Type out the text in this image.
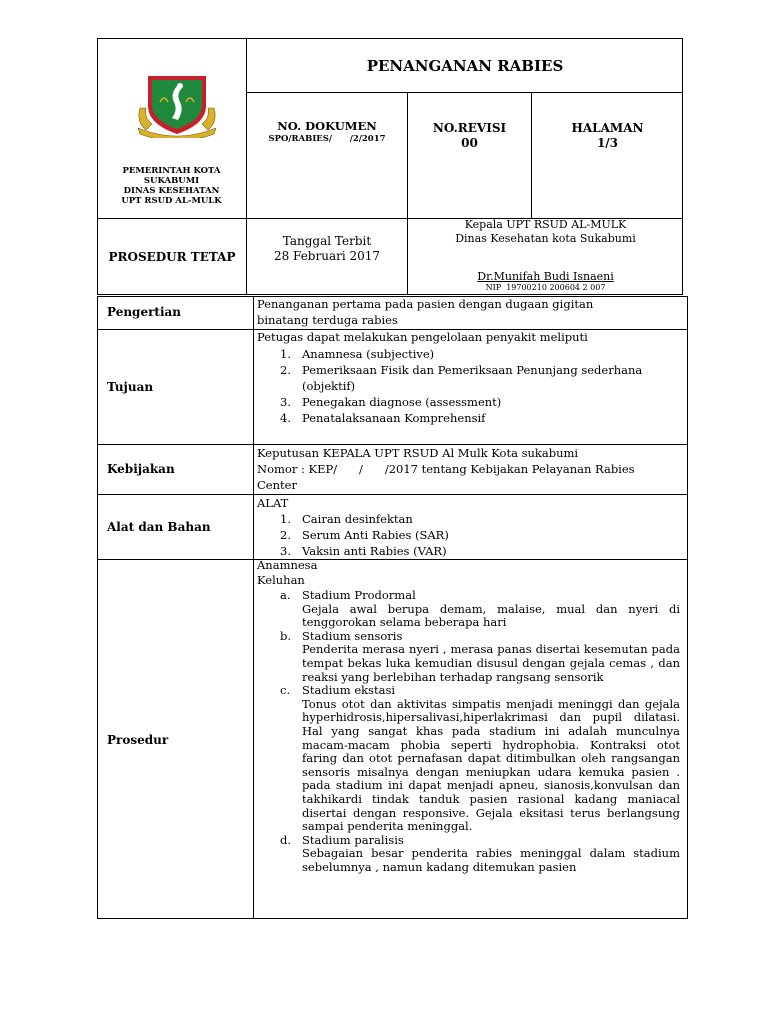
PEMERINTAH KOTA
SUKABUMI
DINAS KESEHATAN
UPT RSUD AL-MULK
PENANGANAN RABIES
NO. DOKUMEN
SPO/RABIES/      /2/2017
NO.REVISI
00
HALAMAN
1/3
PROSEDUR TETAP
Tanggal Terbit
28 Februari 2017
Kepala UPT RSUD AL-MULK
Dinas Kesehatan kota Sukabumi
Dr.Munifah Budi Isnaeni
NIP  19700210 200604 2 007
Pengertian
Penanganan pertama pada pasien dengan dugaan gigitan
binatang terduga rabies
Tujuan
Petugas dapat melakukan pengelolaan penyakit meliputi
1. Anamnesa (subjective)
2. Pemeriksaan Fisik dan Pemeriksaan Penunjang sederhana
(objektif)
3. Penegakan diagnose (assessment)
4. Penatalaksanaan Komprehensif
Kebijakan
Keputusan KEPALA UPT RSUD Al Mulk Kota sukabumi
Nomor : KEP/      /      /2017 tentang Kebijakan Pelayanan Rabies
Center
Alat dan Bahan
ALAT
1. Cairan desinfektan
2. Serum Anti Rabies (SAR)
3. Vaksin anti Rabies (VAR)
Prosedur
Anamnesa
Keluhan
a. Stadium Prodormal
Gejala awal berupa demam, malaise, mual dan nyeri di tenggorokan selama beberapa hari
b. Stadium sensoris
Penderita merasa nyeri , merasa panas disertai kesemutan pada tempat bekas luka kemudian disusul dengan gejala cemas , dan reaksi yang berlebihan terhadap rangsang sensorik
c. Stadium ekstasi
Tonus otot dan aktivitas simpatis menjadi meninggi dan gejala hyperhidrosis,hipersalivasi,hiperlakrimasi dan pupil dilatasi. Hal yang sangat khas pada stadium ini adalah munculnya macam-macam phobia seperti hydrophobia. Kontraksi otot faring dan otot pernafasan dapat ditimbulkan oleh rangsangan sensoris misalnya dengan meniupkan udara kemuka pasien . pada stadium ini dapat menjadi apneu, sianosis,konvulsan dan takhikardi tindak tanduk pasien rasional kadang maniacal disertai dengan responsive. Gejala eksitasi terus berlangsung sampai penderita meninggal.
d. Stadium paralisis
Sebagaian besar penderita rabies meninggal dalam stadium sebelumnya , namun kadang ditemukan pasien
